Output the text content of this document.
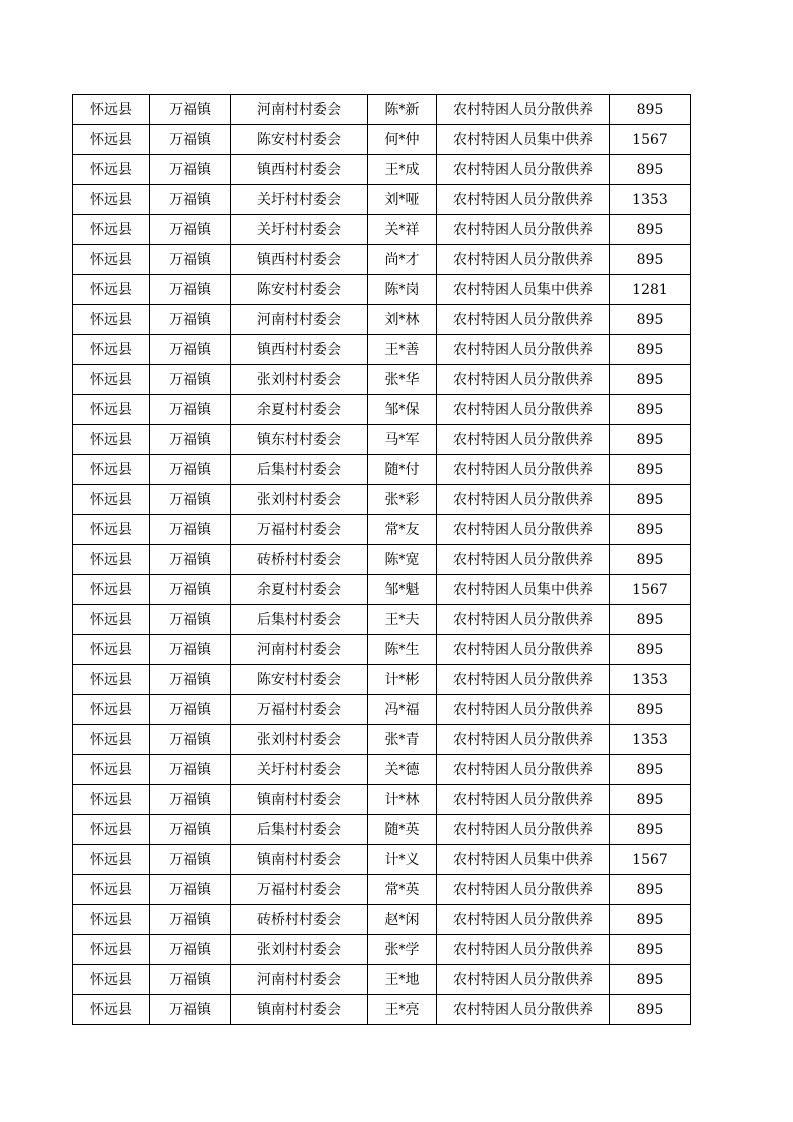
怀远县	万福镇	河南村村委会	陈*新	农村特困人员分散供养	895
怀远县	万福镇	陈安村村委会	何*仲	农村特困人员集中供养	1567
怀远县	万福镇	镇西村村委会	王*成	农村特困人员分散供养	895
怀远县	万福镇	关圩村村委会	刘*哑	农村特困人员分散供养	1353
怀远县	万福镇	关圩村村委会	关*祥	农村特困人员分散供养	895
怀远县	万福镇	镇西村村委会	尚*才	农村特困人员分散供养	895
怀远县	万福镇	陈安村村委会	陈*岗	农村特困人员集中供养	1281
怀远县	万福镇	河南村村委会	刘*林	农村特困人员分散供养	895
怀远县	万福镇	镇西村村委会	王*善	农村特困人员分散供养	895
怀远县	万福镇	张刘村村委会	张*华	农村特困人员分散供养	895
怀远县	万福镇	余夏村村委会	邹*保	农村特困人员分散供养	895
怀远县	万福镇	镇东村村委会	马*军	农村特困人员分散供养	895
怀远县	万福镇	后集村村委会	随*付	农村特困人员分散供养	895
怀远县	万福镇	张刘村村委会	张*彩	农村特困人员分散供养	895
怀远县	万福镇	万福村村委会	常*友	农村特困人员分散供养	895
怀远县	万福镇	砖桥村村委会	陈*宽	农村特困人员分散供养	895
怀远县	万福镇	余夏村村委会	邹*魁	农村特困人员集中供养	1567
怀远县	万福镇	后集村村委会	王*夫	农村特困人员分散供养	895
怀远县	万福镇	河南村村委会	陈*生	农村特困人员分散供养	895
怀远县	万福镇	陈安村村委会	计*彬	农村特困人员分散供养	1353
怀远县	万福镇	万福村村委会	冯*福	农村特困人员分散供养	895
怀远县	万福镇	张刘村村委会	张*青	农村特困人员分散供养	1353
怀远县	万福镇	关圩村村委会	关*德	农村特困人员分散供养	895
怀远县	万福镇	镇南村村委会	计*林	农村特困人员分散供养	895
怀远县	万福镇	后集村村委会	随*英	农村特困人员分散供养	895
怀远县	万福镇	镇南村村委会	计*义	农村特困人员集中供养	1567
怀远县	万福镇	万福村村委会	常*英	农村特困人员分散供养	895
怀远县	万福镇	砖桥村村委会	赵*闲	农村特困人员分散供养	895
怀远县	万福镇	张刘村村委会	张*学	农村特困人员分散供养	895
怀远县	万福镇	河南村村委会	王*地	农村特困人员分散供养	895
怀远县	万福镇	镇南村村委会	王*亮	农村特困人员分散供养	895
